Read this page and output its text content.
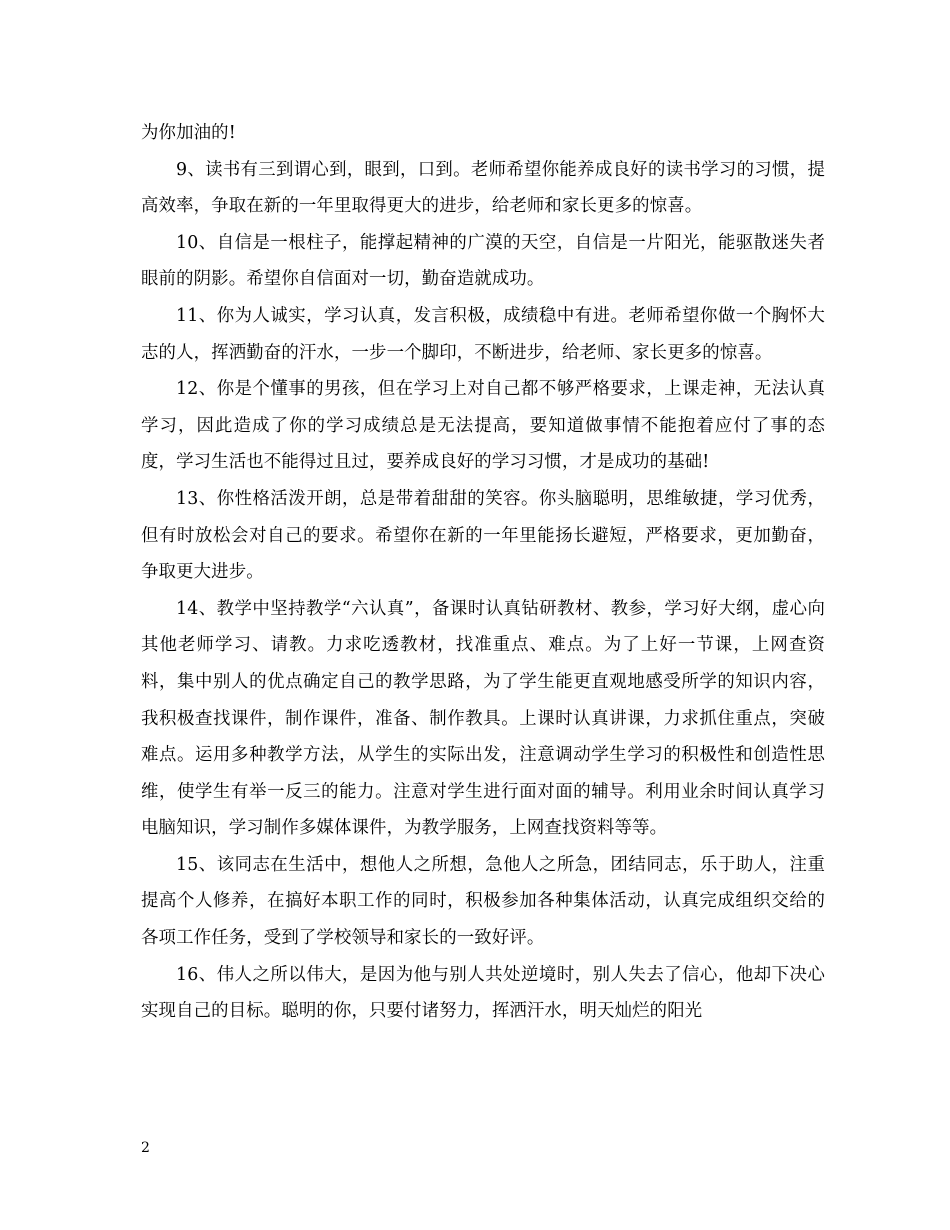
为你加油的!

9、读书有三到谓心到，眼到，口到。老师希望你能养成良好的读书学习的习惯，提高效率，争取在新的一年里取得更大的进步，给老师和家长更多的惊喜。

10、自信是一根柱子，能撑起精神的广漠的天空，自信是一片阳光，能驱散迷失者眼前的阴影。希望你自信面对一切，勤奋造就成功。

11、你为人诚实，学习认真，发言积极，成绩稳中有进。老师希望你做一个胸怀大志的人，挥洒勤奋的汗水，一步一个脚印，不断进步，给老师、家长更多的惊喜。

12、你是个懂事的男孩，但在学习上对自己都不够严格要求，上课走神，无法认真学习，因此造成了你的学习成绩总是无法提高，要知道做事情不能抱着应付了事的态度，学习生活也不能得过且过，要养成良好的学习习惯，才是成功的基础!

13、你性格活泼开朗，总是带着甜甜的笑容。你头脑聪明，思维敏捷，学习优秀，但有时放松会对自己的要求。希望你在新的一年里能扬长避短，严格要求，更加勤奋，争取更大进步。

14、教学中坚持教学“六认真”，备课时认真钻研教材、教参，学习好大纲，虚心向其他老师学习、请教。力求吃透教材，找准重点、难点。为了上好一节课，上网查资料，集中别人的优点确定自己的教学思路，为了学生能更直观地感受所学的知识内容，我积极查找课件，制作课件，准备、制作教具。上课时认真讲课，力求抓住重点，突破难点。运用多种教学方法，从学生的实际出发，注意调动学生学习的积极性和创造性思维，使学生有举一反三的能力。注意对学生进行面对面的辅导。利用业余时间认真学习电脑知识，学习制作多媒体课件，为教学服务，上网查找资料等等。

15、该同志在生活中，想他人之所想，急他人之所急，团结同志，乐于助人，注重提高个人修养，在搞好本职工作的同时，积极参加各种集体活动，认真完成组织交给的各项工作任务，受到了学校领导和家长的一致好评。

16、伟人之所以伟大，是因为他与别人共处逆境时，别人失去了信心，他却下决心实现自己的目标。聪明的你，只要付诸努力，挥洒汗水，明天灿烂的阳光

2
